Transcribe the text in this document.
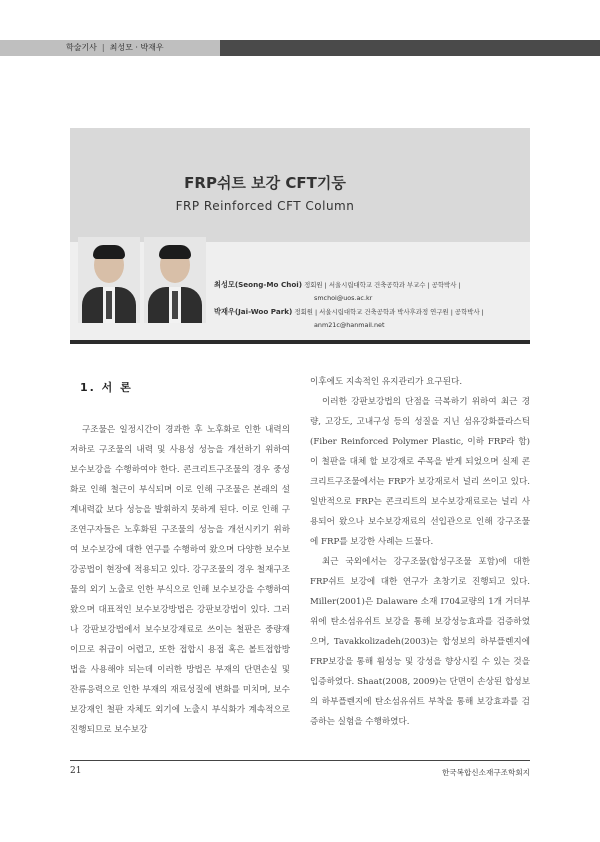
학술기사 | 최성모 · 박재우
FRP쉬트 보강 CFT기둥
FRP Reinforced CFT Column
최성모(Seong-Mo Choi) 정회원 | 서울시립대학교 건축공학과 부교수 | 공학박사 |
smchoi@uos.ac.kr
박재우(Jai-Woo Park) 정회원 | 서울시립대학교 건축공학과 박사후과정 연구원 | 공학박사 |
anm21c@hanmail.net
1. 서 론

구조물은 일정시간이 경과한 후 노후화로 인한 내력의 저하로 구조물의 내력 및 사용성 성능을 개선하기 위하여 보수보강을 수행하여야 한다. 콘크리트구조물의 경우 중성화로 인해 철근이 부식되며 이로 인해 구조물은 본래의 설계내력값 보다 성능을 발휘하지 못하게 된다. 이로 인해 구조연구자들은 노후화된 구조물의 성능을 개선시키기 위하여 보수보강에 대한 연구를 수행하여 왔으며 다양한 보수보강공법이 현장에 적용되고 있다. 강구조물의 경우 철재구조물의 외기 노출로 인한 부식으로 인해 보수보강을 수행하여 왔으며 대표적인 보수보강방법은 강판보강법이 있다. 그러나 강판보강법에서 보수보강재료로 쓰이는 철판은 중량재 이므로 취급이 어렵고, 또한 접합시 용접 혹은 볼트접합방법을 사용해야 되는데 이러한 방법은 부재의 단면손실 및 잔류응력으로 인한 부재의 재료성질에 변화를 미치며, 보수보강재인 철판 자체도 외기에 노출시 부식화가 계속적으로 진행되므로 보수보강

이후에도 지속적인 유지관리가 요구된다.

이러한 강판보강법의 단점을 극복하기 위하여 최근 경량, 고강도, 고내구성 등의 성질을 지닌 섬유강화플라스틱(Fiber Reinforced Polymer Plastic, 이하 FRP라 함)이 철판을 대체 할 보강재로 주목을 받게 되었으며 실제 콘크리트구조물에서는 FRP가 보강재로서 널리 쓰이고 있다. 일반적으로 FRP는 콘크리트의 보수보강재료로는 널리 사용되어 왔으나 보수보강재료의 선입관으로 인해 강구조물에 FRP를 보강한 사례는 드물다.

최근 국외에서는 강구조물(합성구조물 포함)에 대한 FRP쉬트 보강에 대한 연구가 초창기로 진행되고 있다. Miller(2001)은 Dalaware 소재 I704교량의 1개 거더부위에 탄소섬유쉬트 보강을 통해 보강성능효과를 검증하였으며, Tavakkolizadeh(2003)는 합성보의 하부플렌지에 FRP보강을 통해 휨성능 및 강성을 향상시킬 수 있는 것을 입증하였다. Shaat(2008, 2009)는 단면이 손상된 합성보의 하부플렌지에 탄소섬유쉬트 부착을 통해 보강효과를 검증하는 실험을 수행하였다.

21	한국복합신소재구조학회지
